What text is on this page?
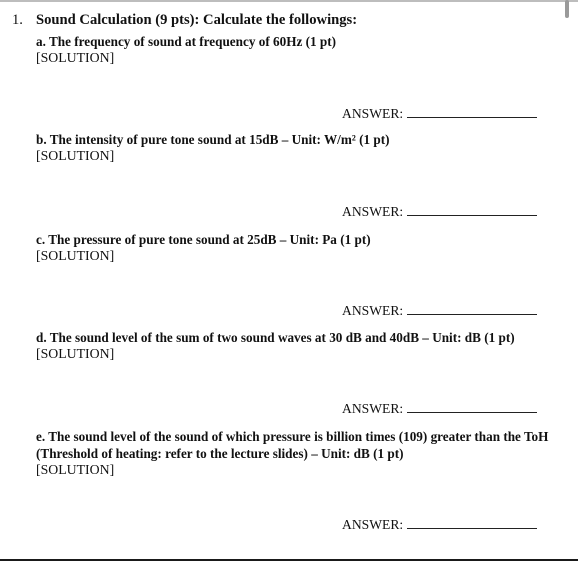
1. Sound Calculation (9 pts): Calculate the followings:
a. The frequency of sound at frequency of 60Hz (1 pt)
[SOLUTION]
ANSWER:
b. The intensity of pure tone sound at 15dB – Unit: W/m² (1 pt)
[SOLUTION]
ANSWER:
c. The pressure of pure tone sound at 25dB – Unit: Pa (1 pt)
[SOLUTION]
ANSWER:
d. The sound level of the sum of two sound waves at 30 dB and 40dB – Unit: dB (1 pt)
[SOLUTION]
ANSWER:
e. The sound level of the sound of which pressure is billion times (109) greater than the ToH (Threshold of heating: refer to the lecture slides) – Unit: dB (1 pt)
[SOLUTION]
ANSWER:
